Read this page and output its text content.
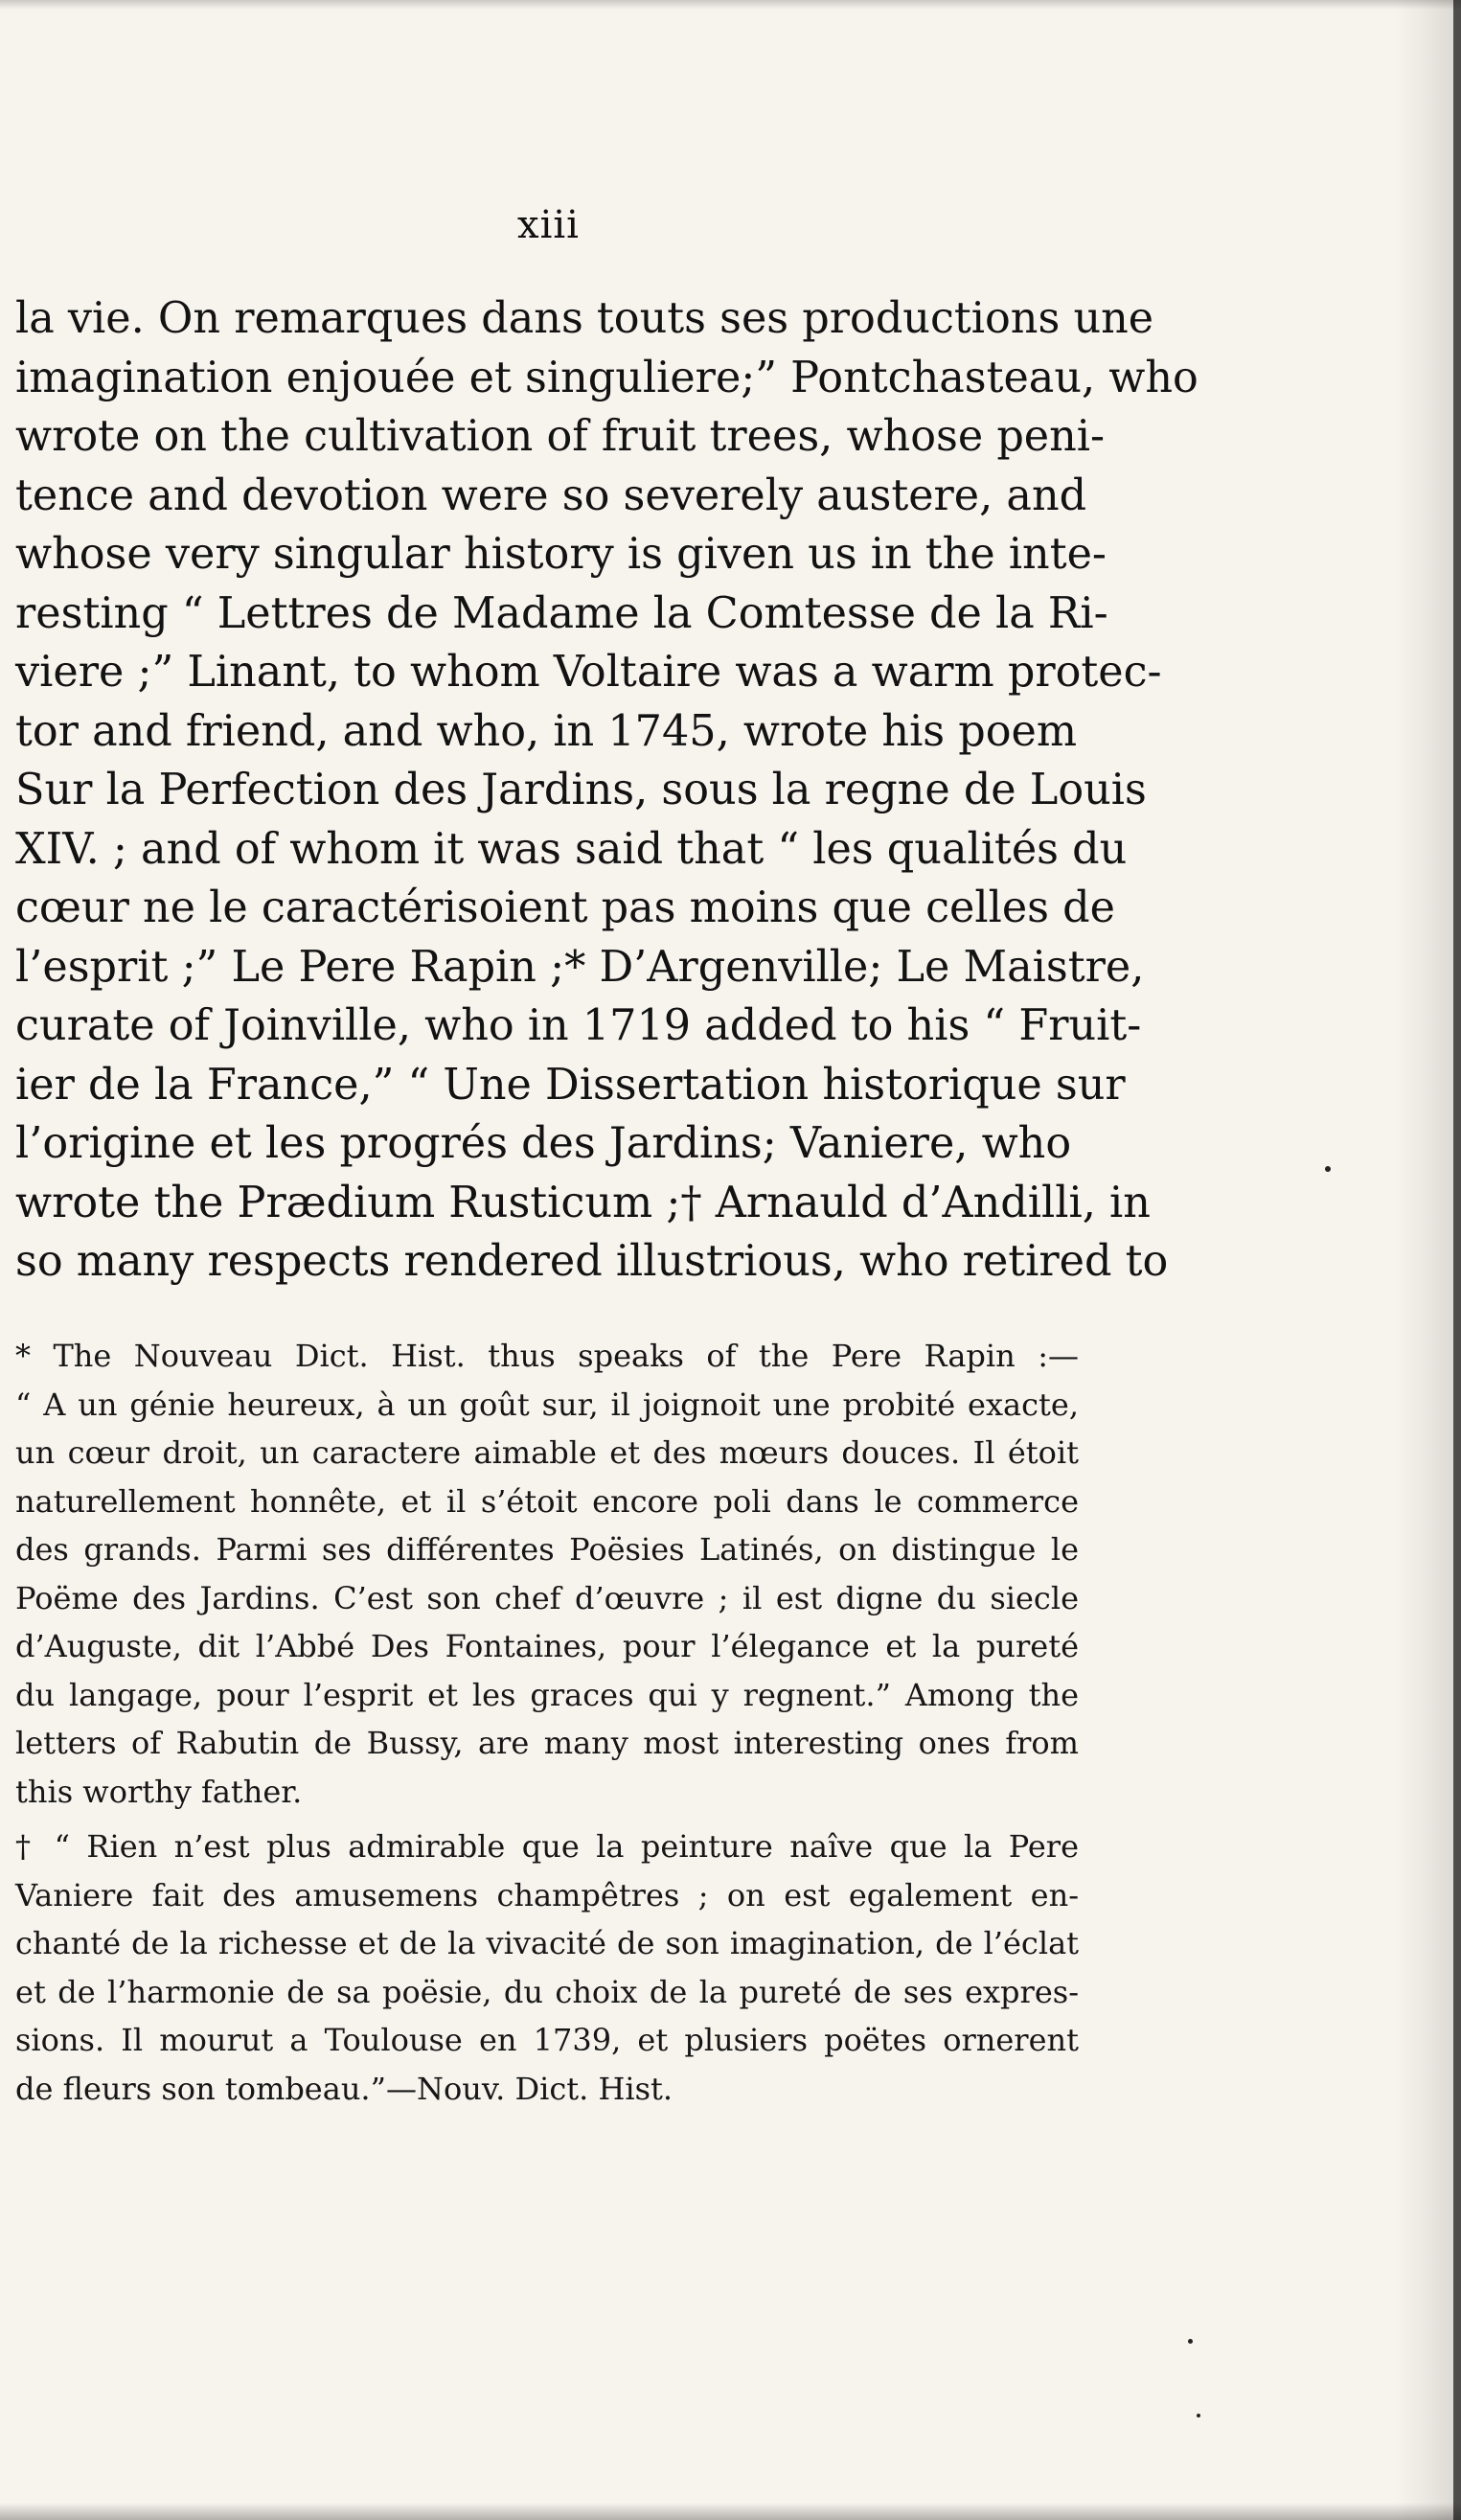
xiii
la vie. On remarques dans touts ses productions une
imagination enjouée et singuliere;” Pontchasteau, who
wrote on the cultivation of fruit trees, whose peni-
tence and devotion were so severely austere, and
whose very singular history is given us in the inte-
resting “ Lettres de Madame la Comtesse de la Ri-
viere ;” Linant, to whom Voltaire was a warm protec-
tor and friend, and who, in 1745, wrote his poem
Sur la Perfection des Jardins, sous la regne de Louis
XIV. ; and of whom it was said that “ les qualités du
cœur ne le caractérisoient pas moins que celles de
l’esprit ;” Le Pere Rapin ;* D’Argenville; Le Maistre,
curate of Joinville, who in 1719 added to his “ Fruit-
ier de la France,” “ Une Dissertation historique sur
l’origine et les progrés des Jardins; Vaniere, who
wrote the Prædium Rusticum ;† Arnauld d’Andilli, in
so many respects rendered illustrious, who retired to
* The Nouveau Dict. Hist. thus speaks of the Pere Rapin :—
“ A un génie heureux, à un goût sur, il joignoit une probité exacte,
un cœur droit, un caractere aimable et des mœurs douces. Il étoit
naturellement honnête, et il s’étoit encore poli dans le commerce
des grands. Parmi ses différentes Poësies Latinés, on distingue le
Poëme des Jardins. C’est son chef d’œuvre ; il est digne du siecle
d’Auguste, dit l’Abbé Des Fontaines, pour l’élegance et la pureté
du langage, pour l’esprit et les graces qui y regnent.” Among the
letters of Rabutin de Bussy, are many most interesting ones from
this worthy father.
† “ Rien n’est plus admirable que la peinture naîve que la Pere
Vaniere fait des amusemens champêtres ; on est egalement en-
chanté de la richesse et de la vivacité de son imagination, de l’éclat
et de l’harmonie de sa poësie, du choix de la pureté de ses expres-
sions. Il mourut a Toulouse en 1739, et plusiers poëtes ornerent
de fleurs son tombeau.”—Nouv. Dict. Hist.
